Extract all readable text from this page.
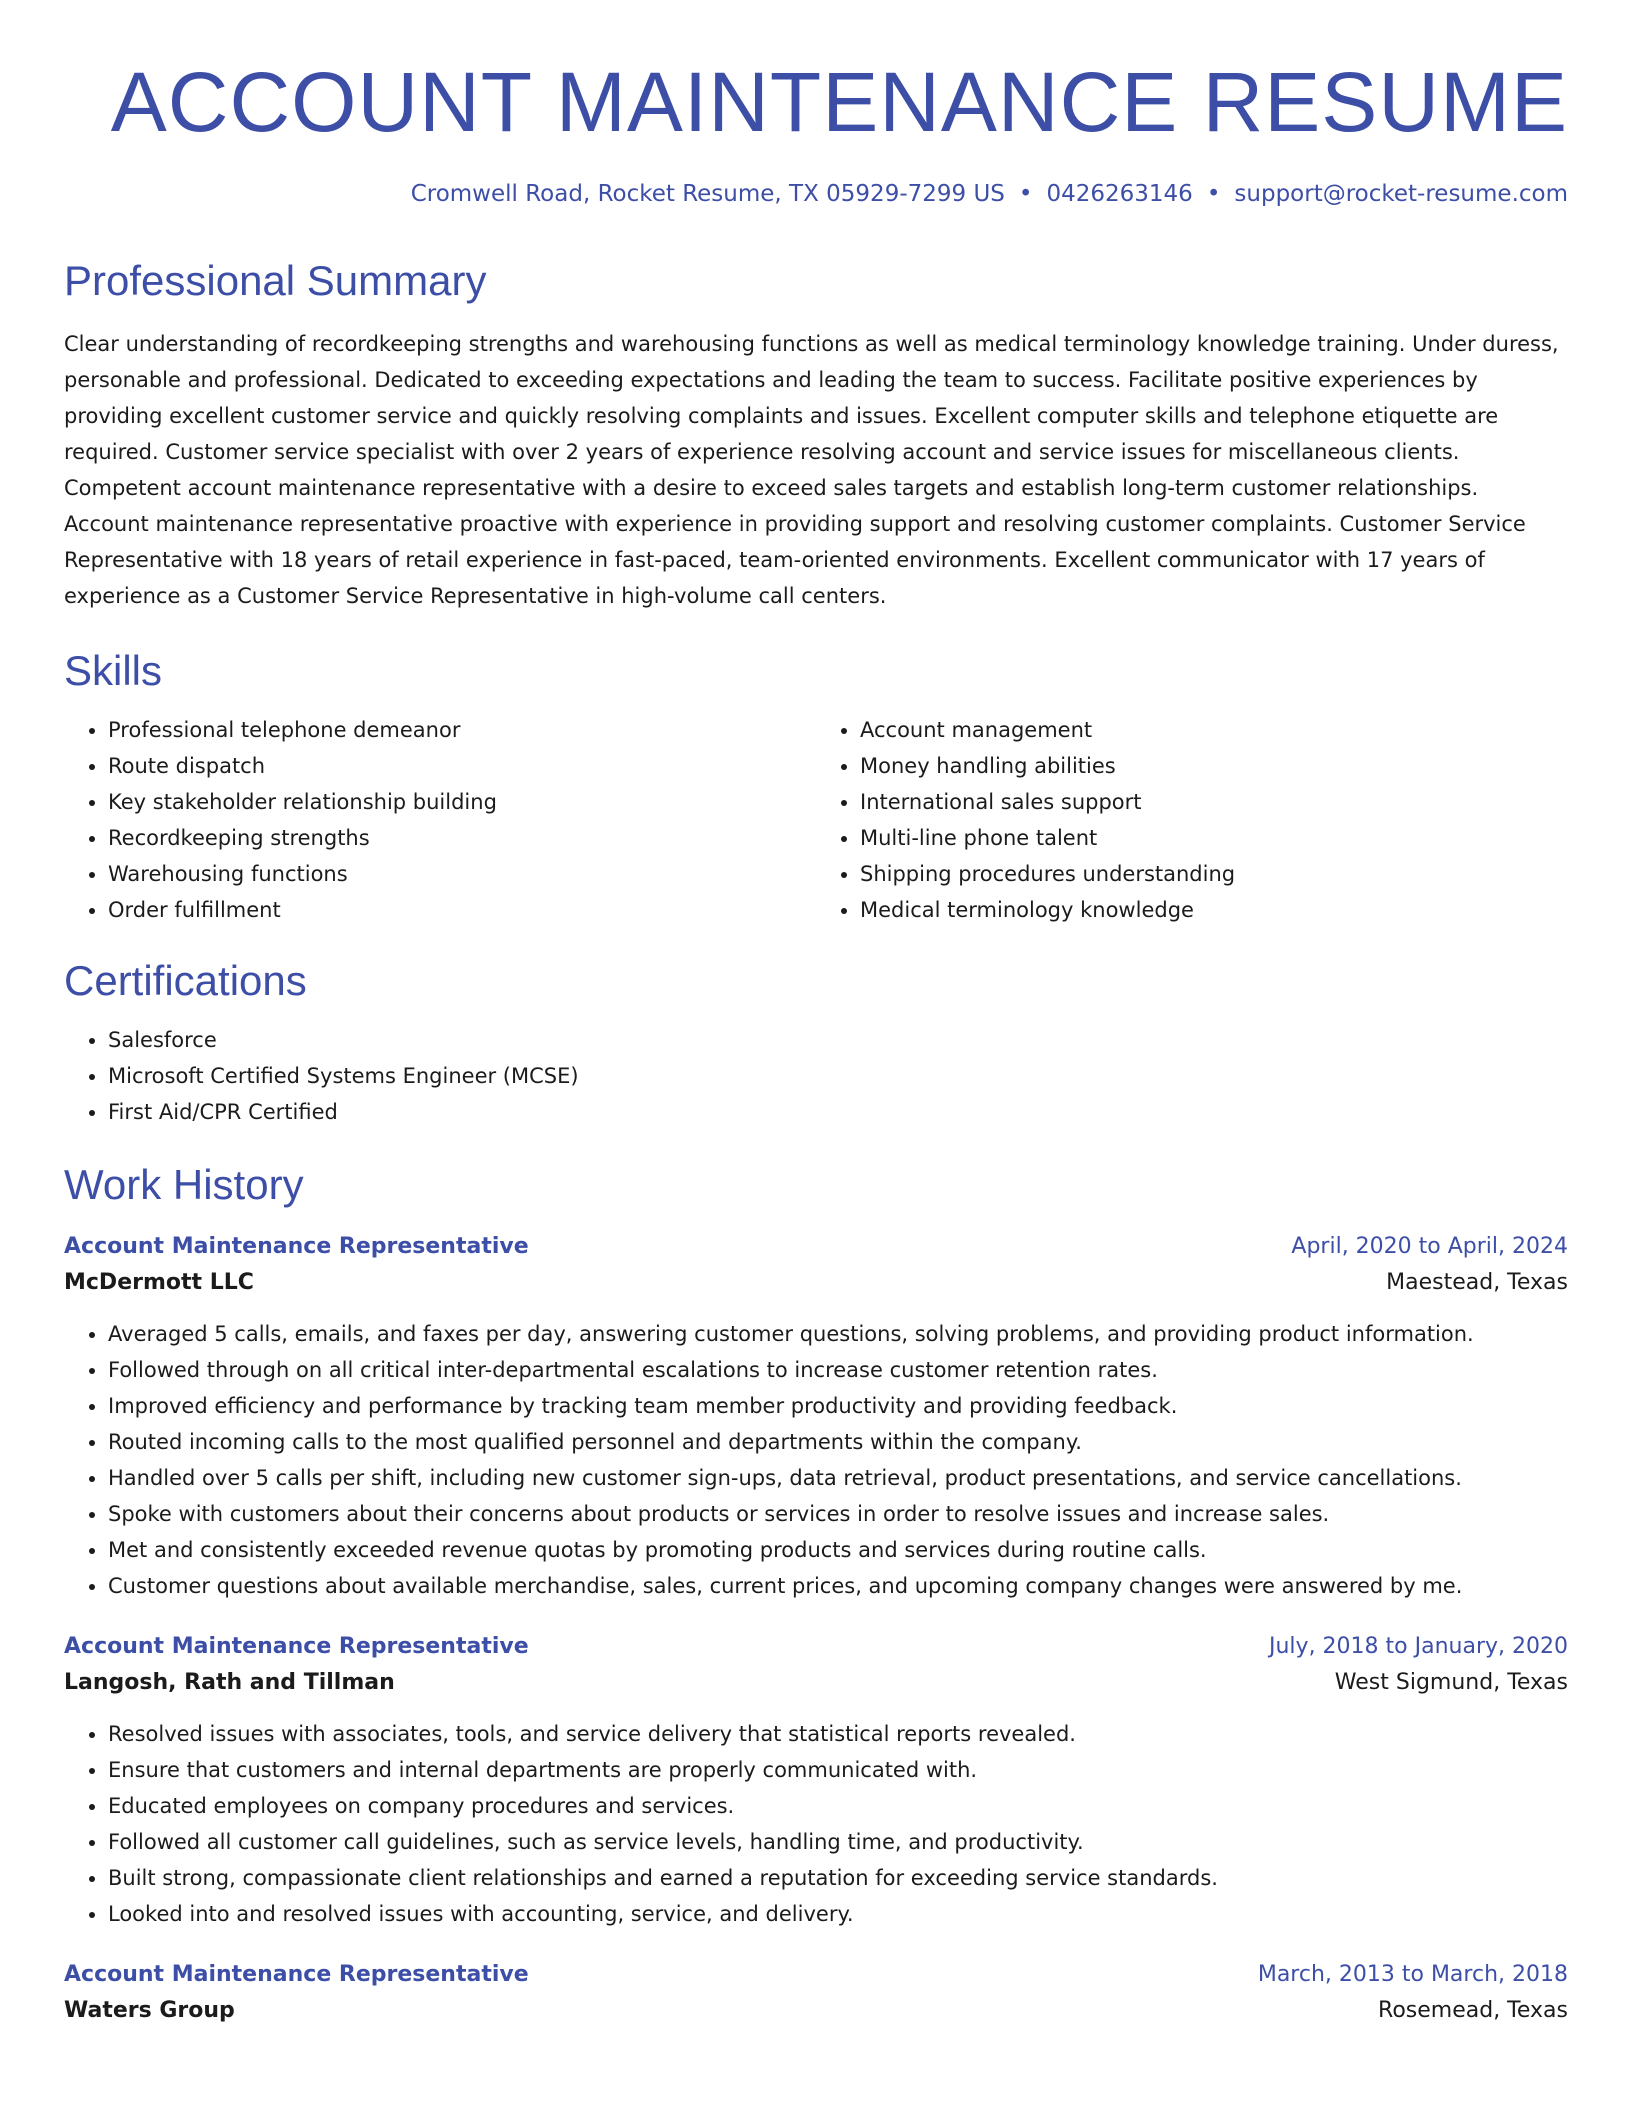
ACCOUNT MAINTENANCE RESUME
Cromwell Road, Rocket Resume, TX 05929-7299 US • 0426263146 • support@rocket-resume.com
Professional Summary

Clear understanding of recordkeeping strengths and warehousing functions as well as medical terminology knowledge training. Under duress, personable and professional. Dedicated to exceeding expectations and leading the team to success. Facilitate positive experiences by providing excellent customer service and quickly resolving complaints and issues. Excellent computer skills and telephone etiquette are required. Customer service specialist with over 2 years of experience resolving account and service issues for miscellaneous clients. Competent account maintenance representative with a desire to exceed sales targets and establish long-term customer relationships. Account maintenance representative proactive with experience in providing support and resolving customer complaints. Customer Service Representative with 18 years of retail experience in fast-paced, team-oriented environments. Excellent communicator with 17 years of experience as a Customer Service Representative in high-volume call centers.

Skills
• Professional telephone demeanor
• Route dispatch
• Key stakeholder relationship building
• Recordkeeping strengths
• Warehousing functions
• Order fulfillment
• Account management
• Money handling abilities
• International sales support
• Multi-line phone talent
• Shipping procedures understanding
• Medical terminology knowledge
Certifications
• Salesforce
• Microsoft Certified Systems Engineer (MCSE)
• First Aid/CPR Certified
Work History
Account Maintenance Representative	April, 2020 to April, 2024
McDermott LLC	Maestead, Texas
• Averaged 5 calls, emails, and faxes per day, answering customer questions, solving problems, and providing product information.
• Followed through on all critical inter-departmental escalations to increase customer retention rates.
• Improved efficiency and performance by tracking team member productivity and providing feedback.
• Routed incoming calls to the most qualified personnel and departments within the company.
• Handled over 5 calls per shift, including new customer sign-ups, data retrieval, product presentations, and service cancellations.
• Spoke with customers about their concerns about products or services in order to resolve issues and increase sales.
• Met and consistently exceeded revenue quotas by promoting products and services during routine calls.
• Customer questions about available merchandise, sales, current prices, and upcoming company changes were answered by me.
Account Maintenance Representative	July, 2018 to January, 2020
Langosh, Rath and Tillman	West Sigmund, Texas
• Resolved issues with associates, tools, and service delivery that statistical reports revealed.
• Ensure that customers and internal departments are properly communicated with.
• Educated employees on company procedures and services.
• Followed all customer call guidelines, such as service levels, handling time, and productivity.
• Built strong, compassionate client relationships and earned a reputation for exceeding service standards.
• Looked into and resolved issues with accounting, service, and delivery.
Account Maintenance Representative	March, 2013 to March, 2018
Waters Group	Rosemead, Texas
